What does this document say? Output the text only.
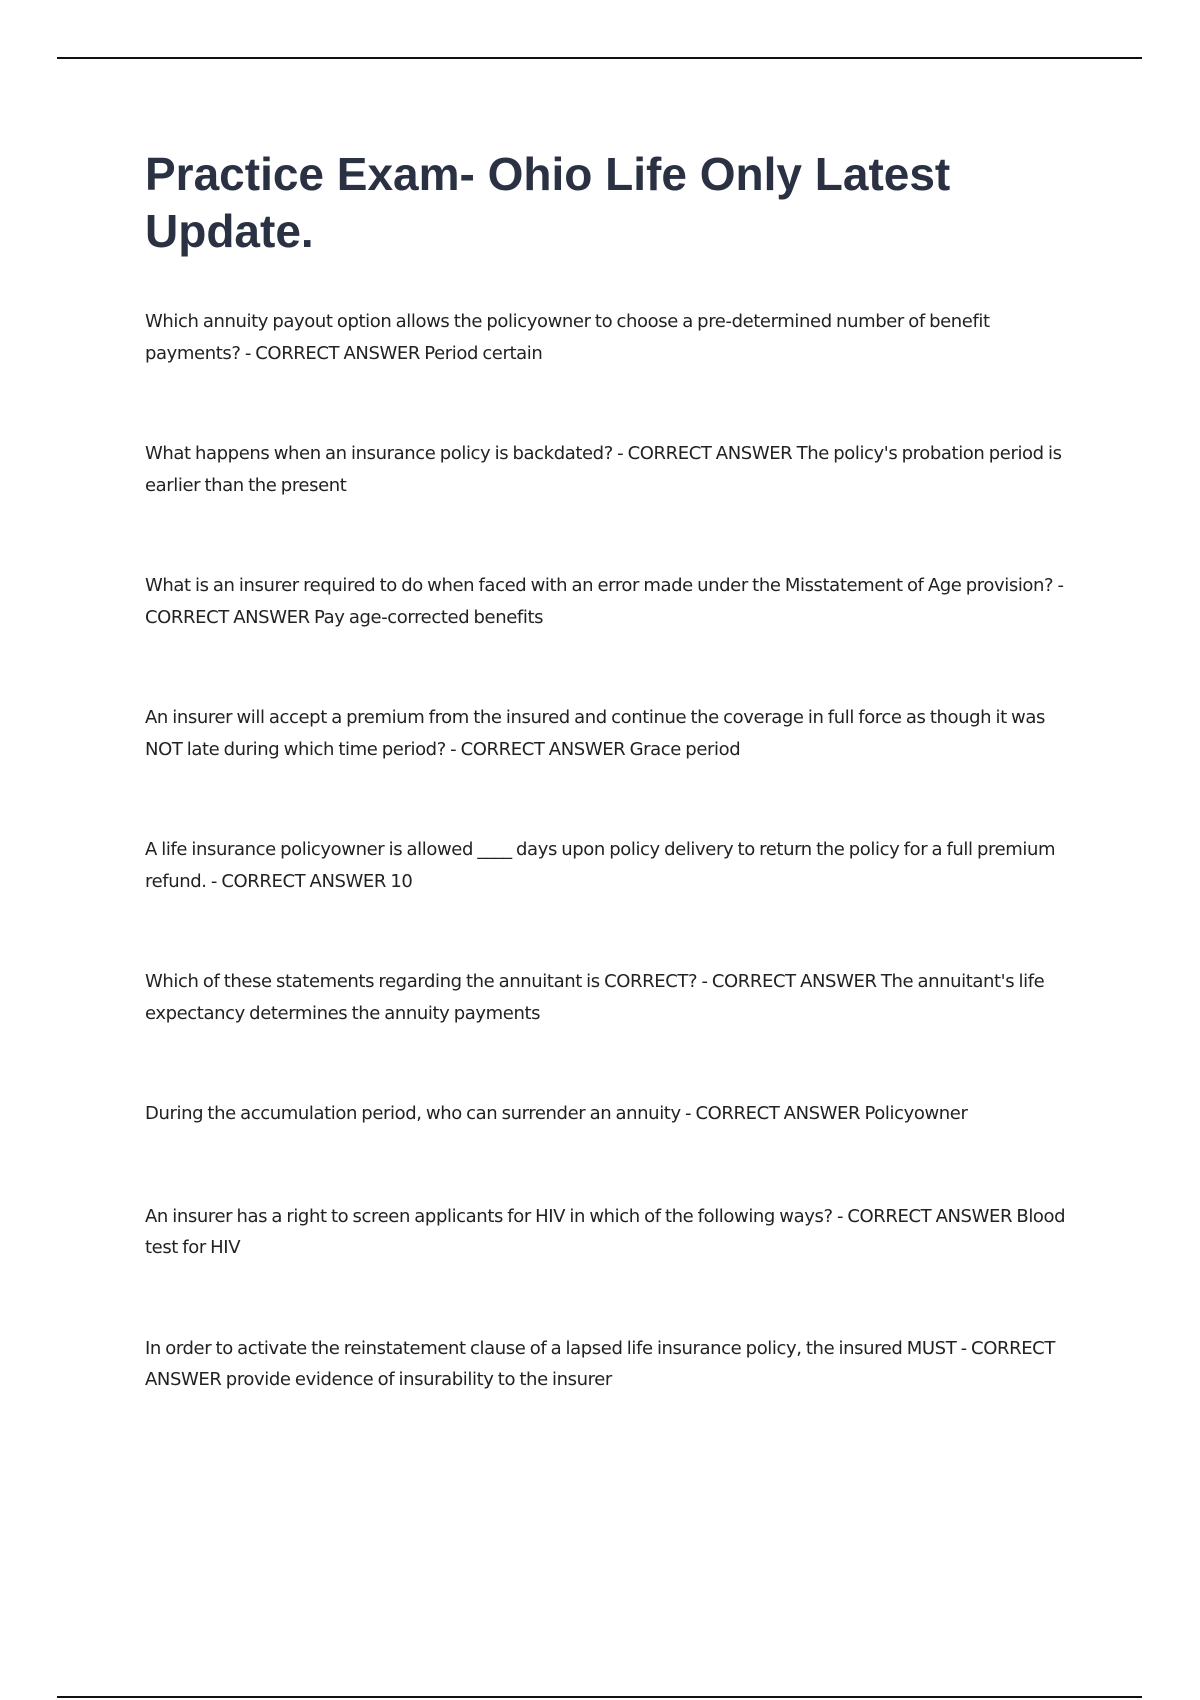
Practice Exam- Ohio Life Only Latest Update.
Which annuity payout option allows the policyowner to choose a pre-determined number of benefit payments? - CORRECT ANSWER Period certain
What happens when an insurance policy is backdated? - CORRECT ANSWER The policy's probation period is earlier than the present
What is an insurer required to do when faced with an error made under the Misstatement of Age provision? - CORRECT ANSWER Pay age-corrected benefits
An insurer will accept a premium from the insured and continue the coverage in full force as though it was NOT late during which time period? - CORRECT ANSWER Grace period
A life insurance policyowner is allowed ____ days upon policy delivery to return the policy for a full premium refund. - CORRECT ANSWER 10
Which of these statements regarding the annuitant is CORRECT? - CORRECT ANSWER The annuitant's life expectancy determines the annuity payments
During the accumulation period, who can surrender an annuity - CORRECT ANSWER Policyowner
An insurer has a right to screen applicants for HIV in which of the following ways? - CORRECT ANSWER Blood test for HIV
In order to activate the reinstatement clause of a lapsed life insurance policy, the insured MUST - CORRECT ANSWER provide evidence of insurability to the insurer
